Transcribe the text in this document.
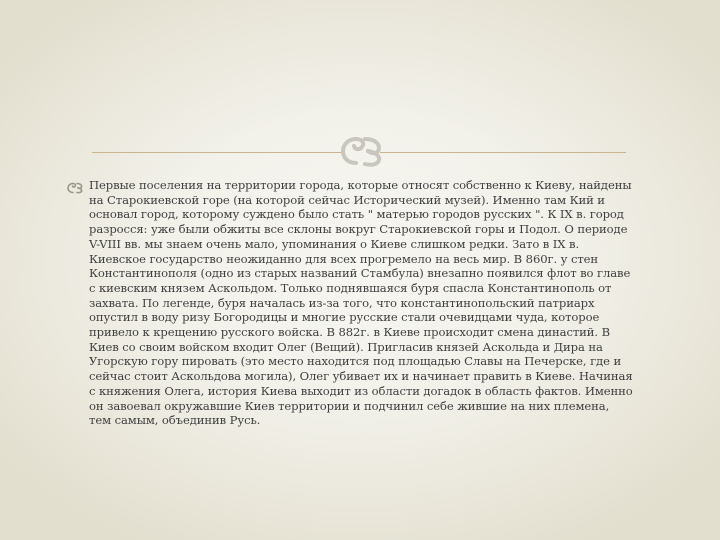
Первые поселения на территории города, которые относят собственно к Киеву, найдены на Старокиевской горе (на которой сейчас Исторический музей). Именно там Кий и основал город, которому суждено было стать " матерью городов русских ". К IX в. город разросся: уже были обжиты все склоны вокруг Старокиевской горы и Подол. О периоде V-VIII вв. мы знаем очень мало, упоминания о Киеве слишком редки. Зато в IX в. Киевское государство неожиданно для всех прогремело на весь мир. В 860г. у стен Константинополя (одно из старых названий Стамбула) внезапно появился флот во главе с киевским князем Аскольдом. Только поднявшаяся буря спасла Константинополь от захвата. По легенде, буря началась из-за того, что константинопольский патриарх опустил в воду ризу Богородицы и многие русские стали очевидцами чуда, которое привело к крещению русского войска. В 882г. в Киеве происходит смена династий. В Киев со своим войском входит Олег (Вещий). Пригласив князей Аскольда и Дира на Угорскую гору пировать (это место находится под площадью Славы на Печерске, где и сейчас стоит Аскольдова могила), Олег убивает их и начинает править в Киеве. Начиная с княжения Олега, история Киева выходит из области догадок в область фактов. Именно он завоевал окружавшие Киев территории и подчинил себе жившие на них племена, тем самым, объединив Русь.
